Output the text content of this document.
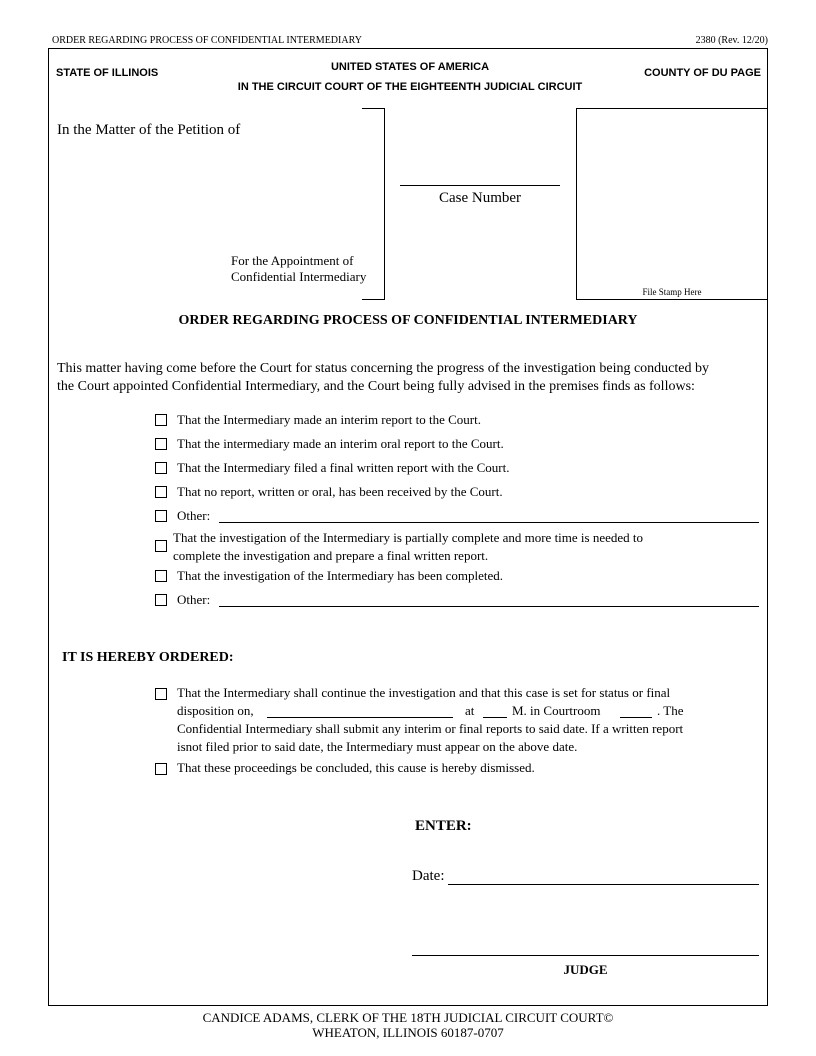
ORDER REGARDING PROCESS OF CONFIDENTIAL INTERMEDIARY	2380 (Rev. 12/20)
STATE OF ILLINOIS	UNITED STATES OF AMERICA
IN THE CIRCUIT COURT OF THE EIGHTEENTH JUDICIAL CIRCUIT
COUNTY OF DU PAGE
In the Matter of the Petition of
For the Appointment of
Confidential Intermediary
Case Number
File Stamp Here
ORDER REGARDING PROCESS OF CONFIDENTIAL INTERMEDIARY
This matter having come before the Court for status concerning the progress of the investigation being conducted by
the Court appointed Confidential Intermediary, and the Court being fully advised in the premises finds as follows:
That the Intermediary made an interim report to the Court.
That the intermediary made an interim oral report to the Court.
That the Intermediary filed a final written report with the Court.
That no report, written or oral, has been received by the Court.
Other:
That the investigation of the Intermediary is partially complete and more time is needed to
complete the investigation and prepare a final written report.
That the investigation of the Intermediary has been completed.
Other:
IT IS HEREBY ORDERED:
That the Intermediary shall continue the investigation and that this case is set for status or final
disposition on,	at	M. in Courtroom	. The
Confidential Intermediary shall submit any interim or final reports to said date. If a written report
isnot filed prior to said date, the Intermediary must appear on the above date.
That these proceedings be concluded, this cause is hereby dismissed.
ENTER:
Date:
JUDGE
CANDICE ADAMS, CLERK OF THE 18TH JUDICIAL CIRCUIT COURT©
WHEATON, ILLINOIS 60187-0707
